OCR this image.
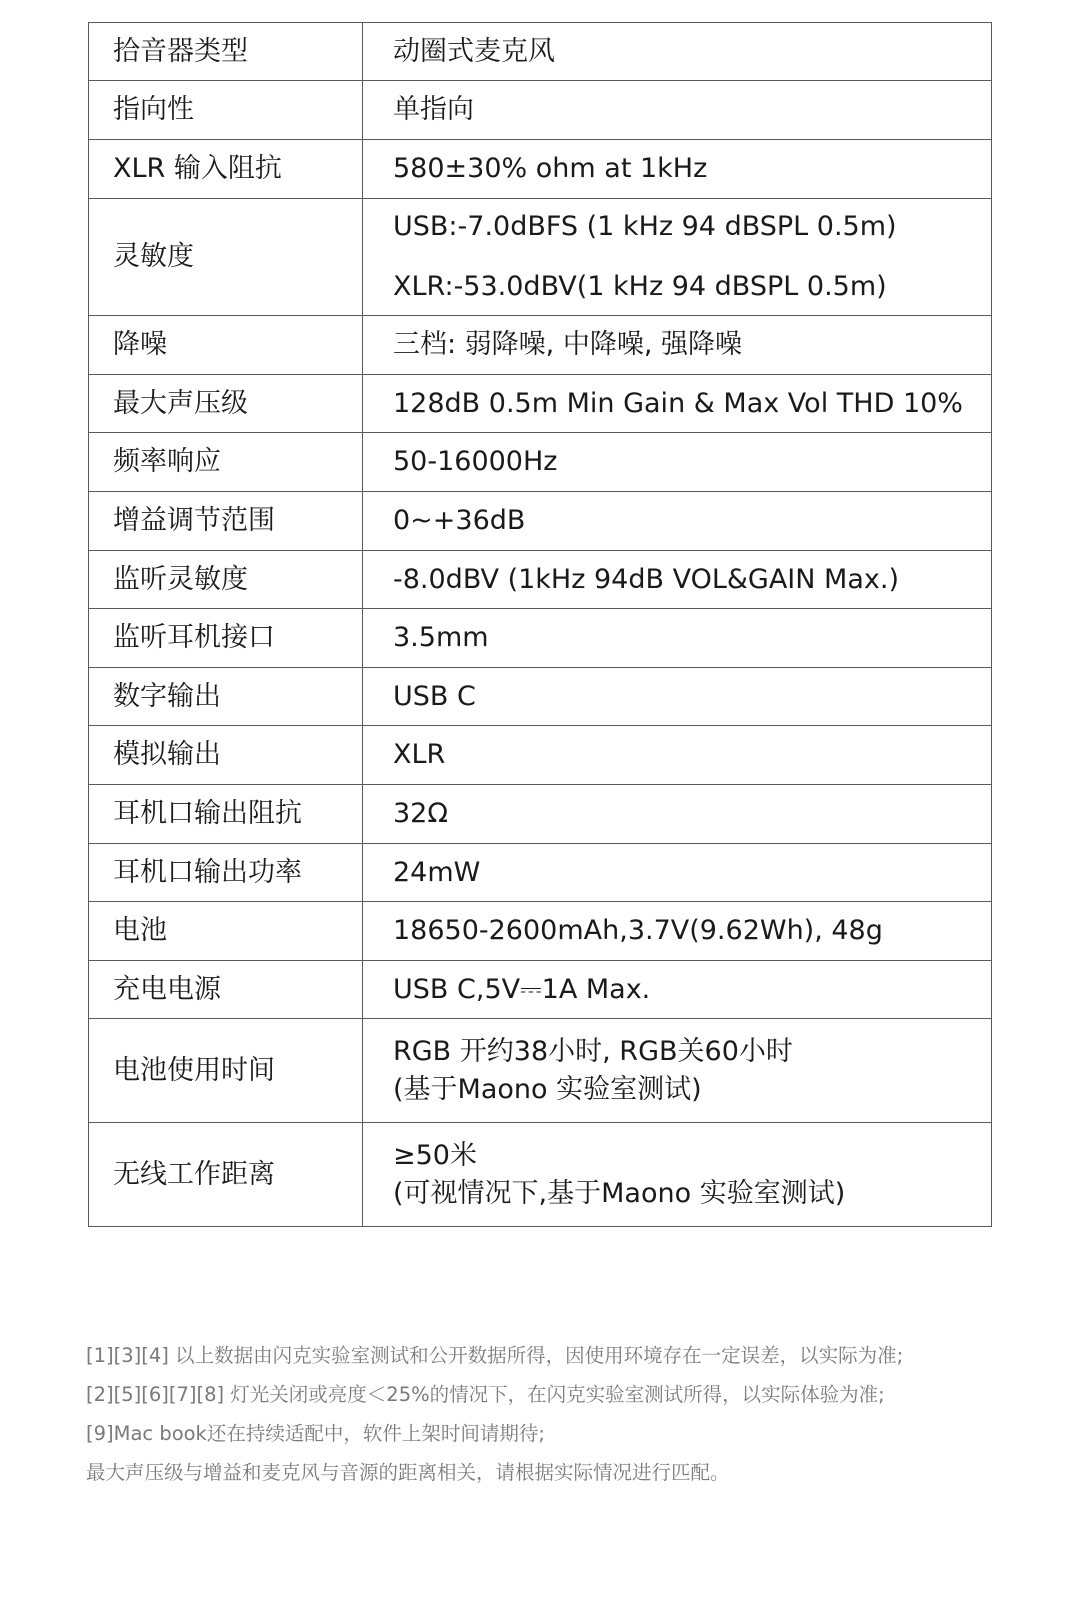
拾音器类型	动圈式麦克风

指向性	单指向

XLR 输入阻抗	580±30% ohm at 1kHz

灵敏度	USB:-7.0dBFS (1 kHz 94 dBSPL 0.5m)
XLR:-53.0dBV(1 kHz 94 dBSPL 0.5m)

降噪	三档: 弱降噪, 中降噪, 强降噪

最大声压级	128dB 0.5m Min Gain & Max Vol THD 10%

频率响应	50-16000Hz

增益调节范围	0~+36dB

监听灵敏度	-8.0dBV (1kHz 94dB VOL&GAIN Max.)

监听耳机接口	3.5mm

数字输出	USB C

模拟输出	XLR

耳机口输出阻抗	32Ω

耳机口输出功率	24mW

电池	18650-2600mAh,3.7V(9.62Wh), 48g

充电电源	USB C,5V⎓1A Max.

电池使用时间	RGB 开约38小时, RGB关60小时
(基于Maono 实验室测试)

无线工作距离	≥50米
(可视情况下,基于Maono 实验室测试)
[1][3][4] 以上数据由闪克实验室测试和公开数据所得，因使用环境存在一定误差，以实际为准;
[2][5][6][7][8] 灯光关闭或亮度＜25%的情况下，在闪克实验室测试所得，以实际体验为准;
[9]Mac book还在持续适配中，软件上架时间请期待;
最大声压级与增益和麦克风与音源的距离相关，请根据实际情况进行匹配。
